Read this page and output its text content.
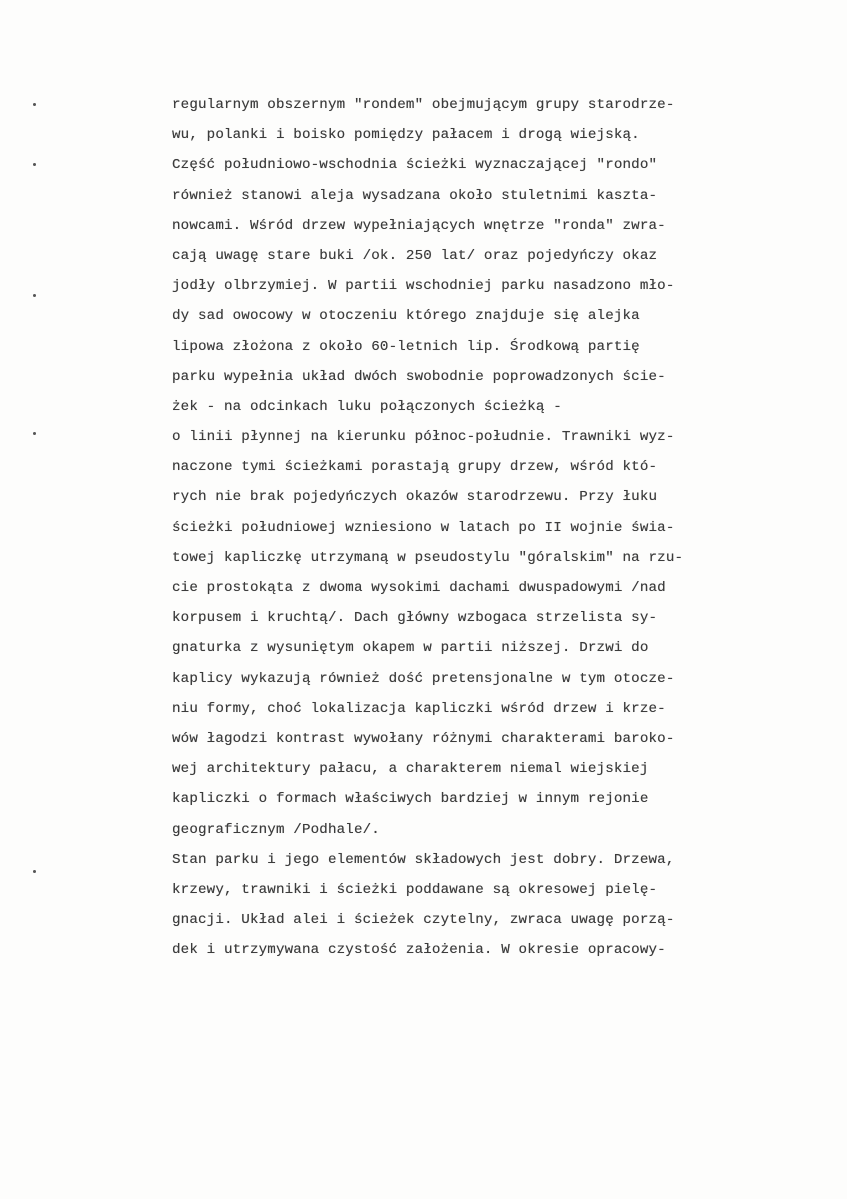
regularnym obszernym "rondem" obejmującym grupy starodrze-
wu, polanki i boisko pomiędzy pałacem i drogą wiejską.
Część południowo-wschodnia ścieżki wyznaczającej "rondo"
również stanowi aleja wysadzana około stuletnimi kaszta-
nowcami. Wśród drzew wypełniających wnętrze "ronda" zwra-
cają uwagę stare buki /ok. 250 lat/ oraz pojedyńczy okaz
jodły olbrzymiej. W partii wschodniej parku nasadzono mło-
dy sad owocowy w otoczeniu którego znajduje się alejka
lipowa złożona z około 60-letnich lip. Środkową partię
parku wypełnia układ dwóch swobodnie poprowadzonych ście-
żek - na odcinkach luku połączonych ścieżką -
o linii płynnej na kierunku północ-południe. Trawniki wyz-
naczone tymi ścieżkami porastają grupy drzew, wśród któ-
rych nie brak pojedyńczych okazów starodrzewu. Przy łuku
ścieżki południowej wzniesiono w latach po II wojnie świa-
towej kapliczkę utrzymaną w pseudostylu "góralskim" na rzu-
cie prostokąta z dwoma wysokimi dachami dwuspadowymi /nad
korpusem i kruchtą/. Dach główny wzbogaca strzelista sy-
gnaturka z wysuniętym okapem w partii niższej. Drzwi do
kaplicy wykazują również dość pretensjonalne w tym otocze-
niu formy, choć lokalizacja kapliczki wśród drzew i krze-
wów łagodzi kontrast wywołany różnymi charakterami baroko-
wej architektury pałacu, a charakterem niemal wiejskiej
kapliczki o formach właściwych bardziej w innym rejonie
geograficznym /Podhale/.
Stan parku i jego elementów składowych jest dobry. Drzewa,
krzewy, trawniki i ścieżki poddawane są okresowej pielę-
gnacji. Układ alei i ścieżek czytelny, zwraca uwagę porzą-
dek i utrzymywana czystość założenia. W okresie opracowy-
